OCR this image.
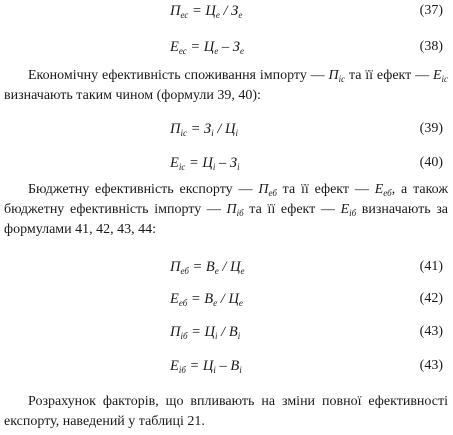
$П_{ес} = Ц_е / З_е$	(37)
$Е_{ес} = Ц_е - З_е$	(38)

Економічну ефективність споживання імпорту — $П_{іс}$ та її ефект — $Е_{іс}$ визначають таким чином (формули 39, 40):

$П_{іс} = З_і / Ц_і$	(39)
$Е_{іс} = Ц_і - З_і$	(40)

Бюджетну ефективність експорту — $П_{еб}$ та її ефект — $Е_{еб}$, а також бюджетну ефективність імпорту — $П_{іб}$ та її ефект — $Е_{іб}$ визначають за формулами 41, 42, 43, 44:

$П_{еб} = В_е / Ц_е$	(41)
$Е_{еб} = В_е / Ц_е$	(42)
$П_{іб} = Ц_і / В_і$	(43)
$Е_{іб} = Ц_і - В_і$	(43)

Розрахунок факторів, що впливають на зміни повної ефективності експорту, наведений у таблиці 21.
